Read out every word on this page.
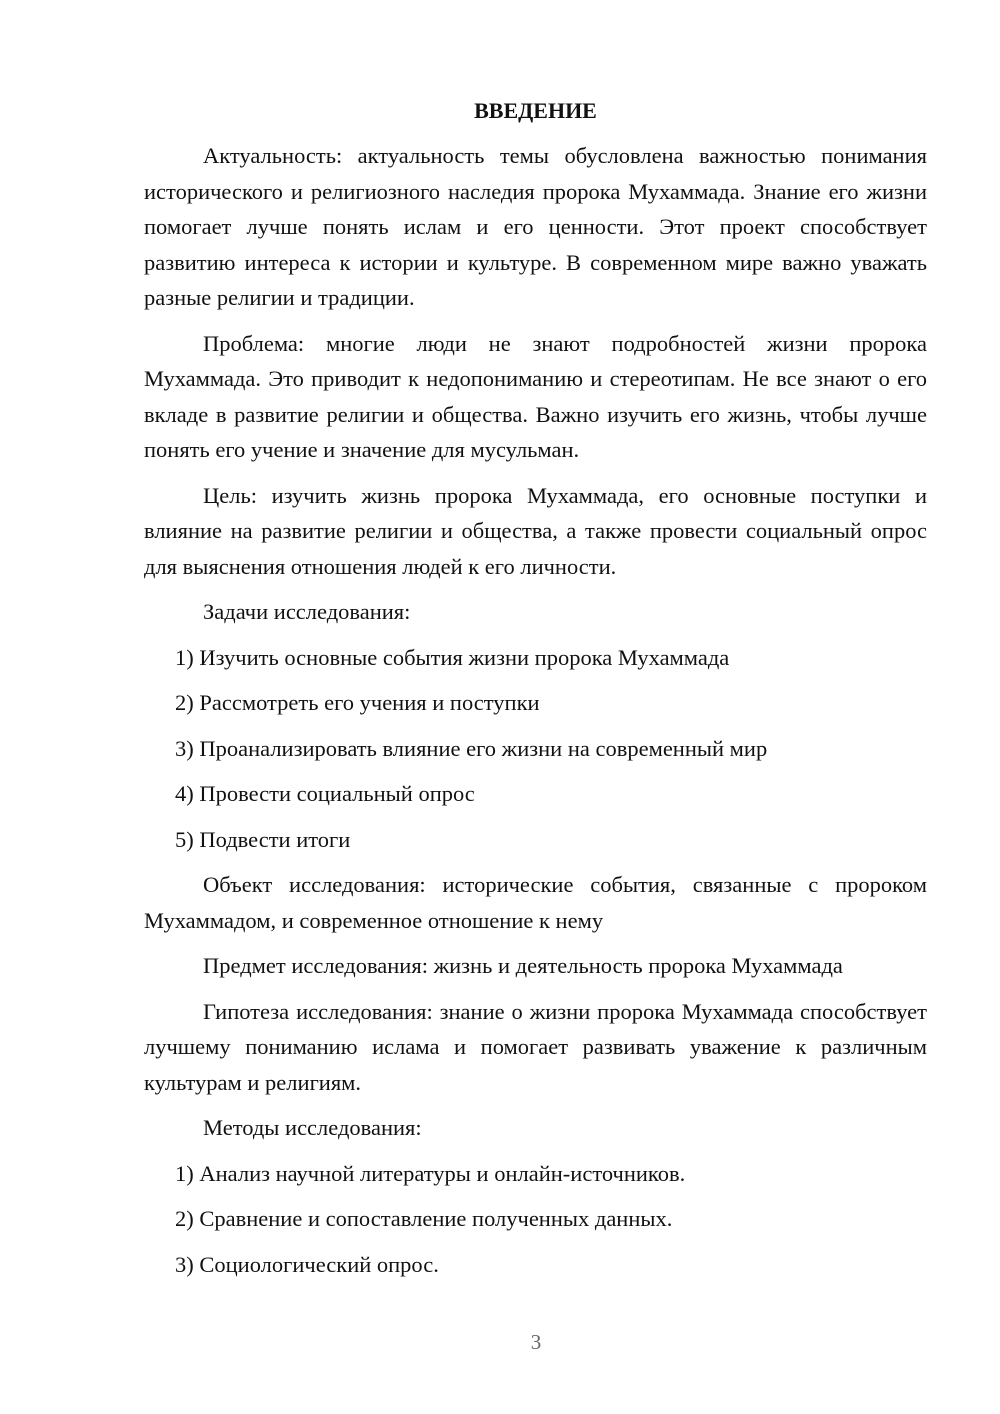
ВВЕДЕНИЕ

Актуальность: актуальность темы обусловлена важностью понимания исторического и религиозного наследия пророка Мухаммада. Знание его жизни помогает лучше понять ислам и его ценности. Этот проект способствует развитию интереса к истории и культуре. В современном мире важно уважать разные религии и традиции.

Проблема: многие люди не знают подробностей жизни пророка Мухаммада. Это приводит к недопониманию и стереотипам. Не все знают о его вкладе в развитие религии и общества. Важно изучить его жизнь, чтобы лучше понять его учение и значение для мусульман.

Цель: изучить жизнь пророка Мухаммада, его основные поступки и влияние на развитие религии и общества, а также провести социальный опрос для выяснения отношения людей к его личности.

Задачи исследования:

1) Изучить основные события жизни пророка Мухаммада
2) Рассмотреть его учения и поступки
3) Проанализировать влияние его жизни на современный мир
4) Провести социальный опрос
5) Подвести итоги

Объект исследования: исторические события, связанные с пророком Мухаммадом, и современное отношение к нему

Предмет исследования: жизнь и деятельность пророка Мухаммада

Гипотеза исследования: знание о жизни пророка Мухаммада способствует лучшему пониманию ислама и помогает развивать уважение к различным культурам и религиям.

Методы исследования:

1) Анализ научной литературы и онлайн-источников.
2) Сравнение и сопоставление полученных данных.
3) Социологический опрос.
3
